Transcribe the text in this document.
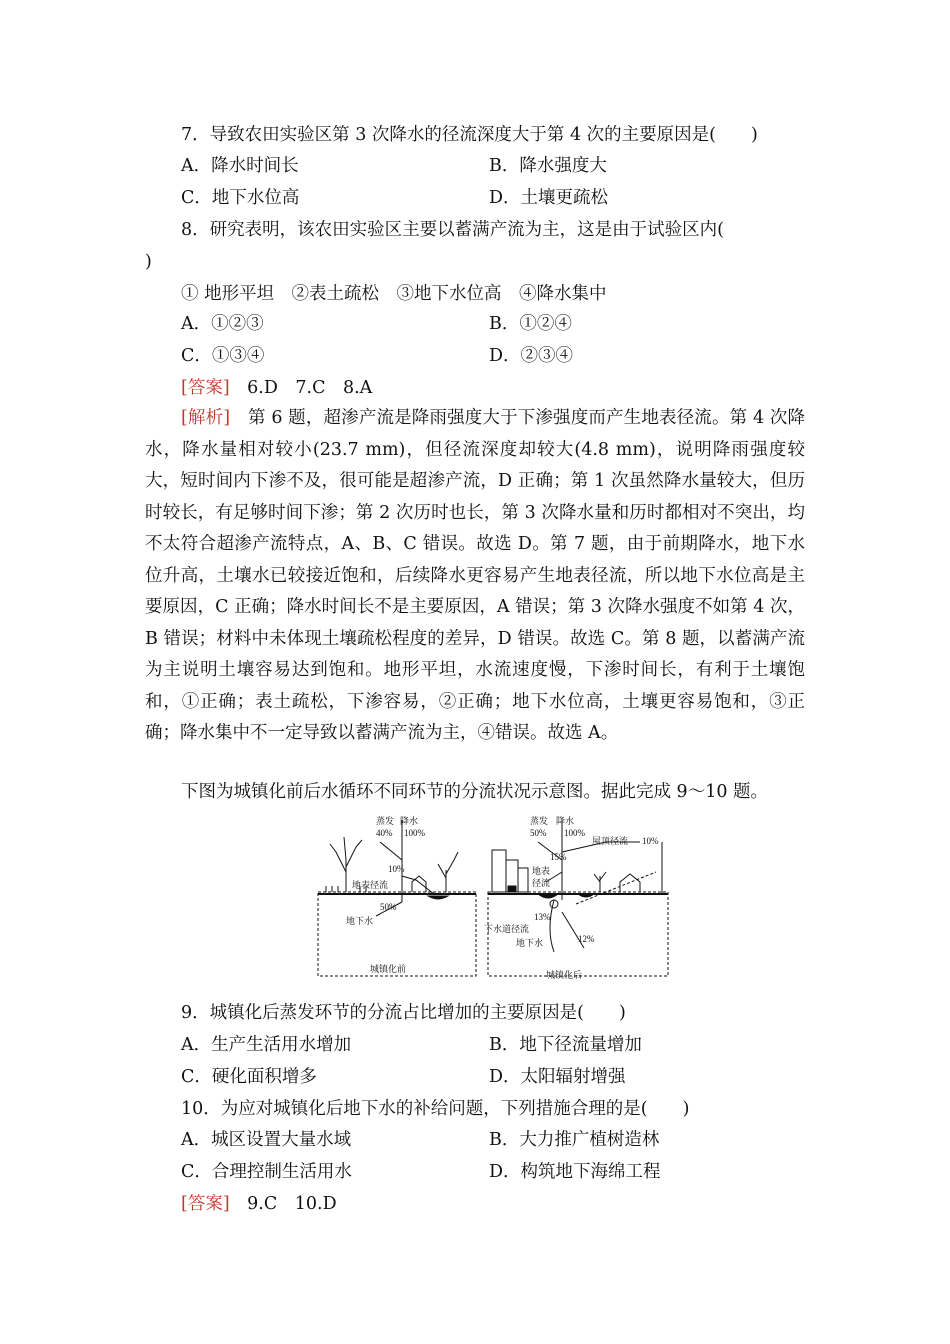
7．导致农田实验区第 3 次降水的径流深度大于第 4 次的主要原因是(　　)
A．降水时间长	B．降水强度大
C．地下水位高	D．土壤更疏松
8．研究表明，该农田实验区主要以蓄满产流为主，这是由于试验区内(
)
① 地形平坦　②表土疏松　③地下水位高　④降水集中
A．①②③	B．①②④
C．①③④	D．②③④
[答案]　6.D　7.C　8.A
[解析]　第 6 题，超渗产流是降雨强度大于下渗强度而产生地表径流。第 4 次降水，降水量相对较小(23.7 mm)，但径流深度却较大(4.8 mm)，说明降雨强度较大，短时间内下渗不及，很可能是超渗产流，D 正确；第 1 次虽然降水量较大，但历时较长，有足够时间下渗；第 2 次历时也长，第 3 次降水量和历时都相对不突出，均不太符合超渗产流特点，A、B、C 错误。故选 D。第 7 题，由于前期降水，地下水位升高，土壤水已较接近饱和，后续降水更容易产生地表径流，所以地下水位高是主要原因，C 正确；降水时间长不是主要原因，A 错误；第 3 次降水强度不如第 4 次，B 错误；材料中未体现土壤疏松程度的差异，D 错误。故选 C。第 8 题，以蓄满产流为主说明土壤容易达到饱和。地形平坦，水流速度慢，下渗时间长，有利于土壤饱和，①正确；表土疏松，下渗容易，②正确；地下水位高，土壤更容易饱和，③正确；降水集中不一定导致以蓄满产流为主，④错误。故选 A。
下图为城镇化前后水循环不同环节的分流状况示意图。据此完成 9～10 题。
蒸发 降水
40% 100%
10%
地表径流
50%
地下水
城镇化前
蒸发 降水
50% 100%
屋顶径流 10%
15%
地表
径流
13%
下水道径流
12%
地下水
城镇化后
9．城镇化后蒸发环节的分流占比增加的主要原因是(　　)
A．生产生活用水增加	B．地下径流量增加
C．硬化面积增多	D．太阳辐射增强
10．为应对城镇化后地下水的补给问题，下列措施合理的是(　　)
A．城区设置大量水域	B．大力推广植树造林
C．合理控制生活用水	D．构筑地下海绵工程
[答案]　9.C　10.D
